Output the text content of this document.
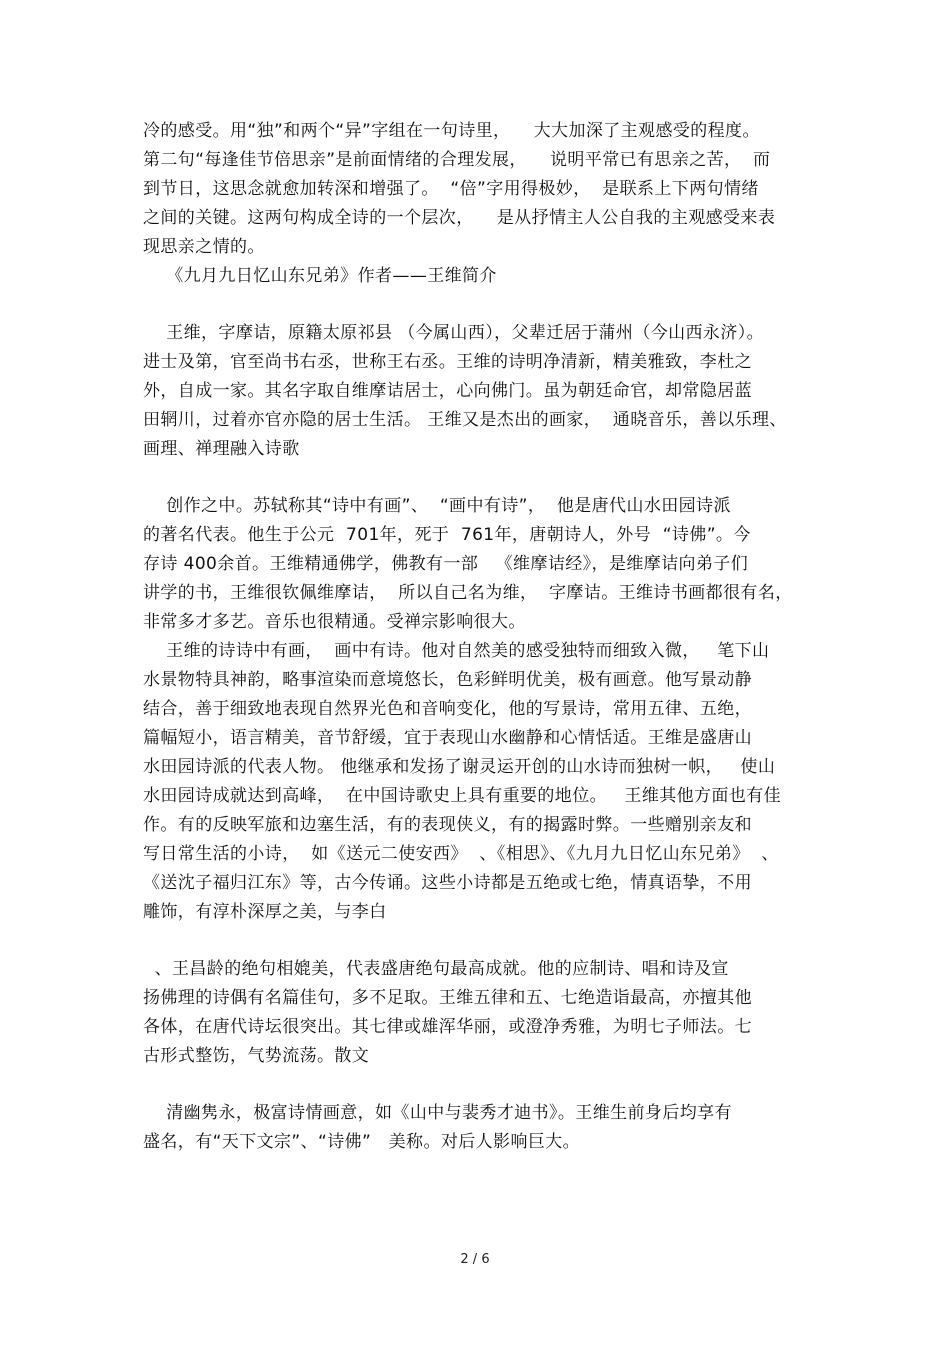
冷的感受。用“独”和两个“异”字组在一句诗里，    大大加深了主观感受的程度。
第二句“每逢佳节倍思亲”是前面情绪的合理发展，    说明平常已有思亲之苦，  而
到节日，这思念就愈加转深和增强了。  “倍”字用得极妙，  是联系上下两句情绪
之间的关键。这两句构成全诗的一个层次，    是从抒情主人公自我的主观感受来表
现思亲之情的。
《九月九日忆山东兄弟》作者——王维简介
王维，字摩诘，原籍太原祁县 （今属山西），父辈迁居于蒲州（今山西永济）。
进士及第，官至尚书右丞，世称王右丞。王维的诗明净清新，精美雅致，李杜之
外，自成一家。其名字取自维摩诘居士，心向佛门。虽为朝廷命官，却常隐居蓝
田辋川，过着亦官亦隐的居士生活。 王维又是杰出的画家，  通晓音乐，善以乐理、
画理、禅理融入诗歌
创作之中。苏轼称其“诗中有画”、  “画中有诗”，  他是唐代山水田园诗派
的著名代表。他生于公元  701年，死于  761年，唐朝诗人，外号  “诗佛”。今
存诗 400余首。王维精通佛学，佛教有一部   《维摩诘经》，是维摩诘向弟子们
讲学的书，王维很钦佩维摩诘，  所以自己名为维，  字摩诘。王维诗书画都很有名，
非常多才多艺。音乐也很精通。受禅宗影响很大。
王维的诗诗中有画，  画中有诗。他对自然美的感受独特而细致入微，   笔下山
水景物特具神韵，略事渲染而意境悠长，色彩鲜明优美，极有画意。他写景动静
结合，善于细致地表现自然界光色和音响变化，他的写景诗，常用五律、五绝，
篇幅短小，语言精美，音节舒缓，宜于表现山水幽静和心情恬适。王维是盛唐山
水田园诗派的代表人物。 他继承和发扬了谢灵运开创的山水诗而独树一帜，   使山
水田园诗成就达到高峰，  在中国诗歌史上具有重要的地位。   王维其他方面也有佳
作。有的反映军旅和边塞生活，有的表现侠义，有的揭露时弊。一些赠别亲友和
写日常生活的小诗，  如《送元二使安西》  、《相思》、《九月九日忆山东兄弟》  、
《送沈子福归江东》等，古今传诵。这些小诗都是五绝或七绝，情真语挚，不用
雕饰，有淳朴深厚之美，与李白
、王昌龄的绝句相媲美，代表盛唐绝句最高成就。他的应制诗、唱和诗及宣
扬佛理的诗偶有名篇佳句，多不足取。王维五律和五、七绝造诣最高，亦擅其他
各体，在唐代诗坛很突出。其七律或雄浑华丽，或澄净秀雅，为明七子师法。七
古形式整饬，气势流荡。散文
清幽隽永，极富诗情画意，如《山中与裴秀才迪书》。王维生前身后均享有
盛名，有“天下文宗”、“诗佛”   美称。对后人影响巨大。
2 / 6
